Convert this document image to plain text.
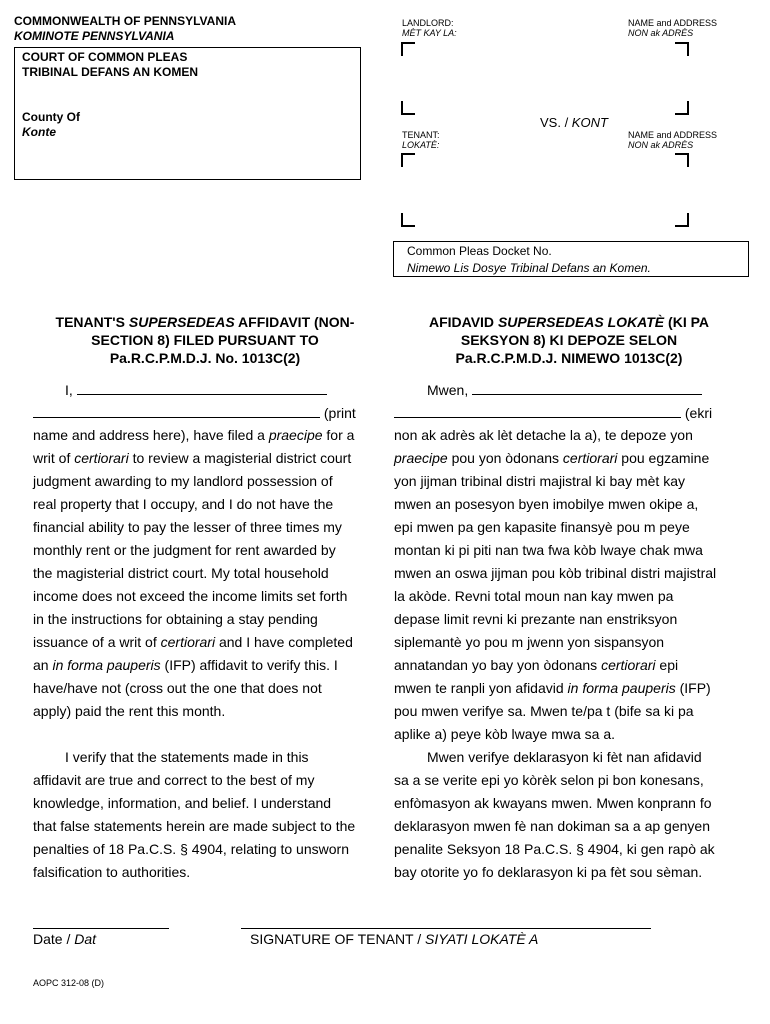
COMMONWEALTH OF PENNSYLVANIA
KOMINOTE PENNSYLVANIA
COURT OF COMMON PLEAS
TRIBINAL DEFANS AN KOMEN
County Of
Konte
LANDLORD:
MÈT KAY LA:
NAME and ADDRESS
NON ak ADRÈS
VS. / KONT
TENANT:
LOKATÈ:
NAME and ADDRESS
NON ak ADRÈS
Common Pleas Docket No.
Nimewo Lis Dosye Tribinal Defans an Komen.
TENANT'S SUPERSEDEAS AFFIDAVIT (NON-
SECTION 8) FILED PURSUANT TO
Pa.R.C.P.M.D.J. No. 1013C(2)
AFIDAVID SUPERSEDEAS LOKATÈ (KI PA
SEKSYON 8) KI DEPOZE SELON
Pa.R.C.P.M.D.J. NIMEWO 1013C(2)
I,
(print
name and address here), have filed a praecipe for a
writ of certiorari to review a magisterial district court
judgment awarding to my landlord possession of
real property that I occupy, and I do not have the
financial ability to pay the lesser of three times my
monthly rent or the judgment for rent awarded by
the magisterial district court. My total household
income does not exceed the income limits set forth
in the instructions for obtaining a stay pending
issuance of a writ of certiorari and I have completed
an in forma pauperis (IFP) affidavit to verify this. I
have/have not (cross out the one that does not
apply) paid the rent this month.
I verify that the statements made in this
affidavit are true and correct to the best of my
knowledge, information, and belief. I understand
that false statements herein are made subject to the
penalties of 18 Pa.C.S. § 4904, relating to unsworn
falsification to authorities.
Mwen,
(ekri
non ak adrès ak lèt detache la a), te depoze yon
praecipe pou yon òdonans certiorari pou egzamine
yon jijman tribinal distri majistral ki bay mèt kay
mwen an posesyon byen imobilye mwen okipe a,
epi mwen pa gen kapasite finansyè pou m peye
montan ki pi piti nan twa fwa kòb lwaye chak mwa
mwen an oswa jijman pou kòb tribinal distri majistral
la akòde. Revni total moun nan kay mwen pa
depase limit revni ki prezante nan enstriksyon
siplemantè yo pou m jwenn yon sispansyon
annatandan yo bay yon òdonans certiorari epi
mwen te ranpli yon afidavid in forma pauperis (IFP)
pou mwen verifye sa. Mwen te/pa t (bife sa ki pa
aplike a) peye kòb lwaye mwa sa a.
Mwen verifye deklarasyon ki fèt nan afidavid
sa a se verite epi yo kòrèk selon pi bon konesans,
enfòmasyon ak kwayans mwen. Mwen konprann fo
deklarasyon mwen fè nan dokiman sa a ap genyen
penalite Seksyon 18 Pa.C.S. § 4904, ki gen rapò ak
bay otorite yo fo deklarasyon ki pa fèt sou sèman.
Date / Dat	SIGNATURE OF TENANT / SIYATI LOKATÈ A
AOPC 312-08 (D)
